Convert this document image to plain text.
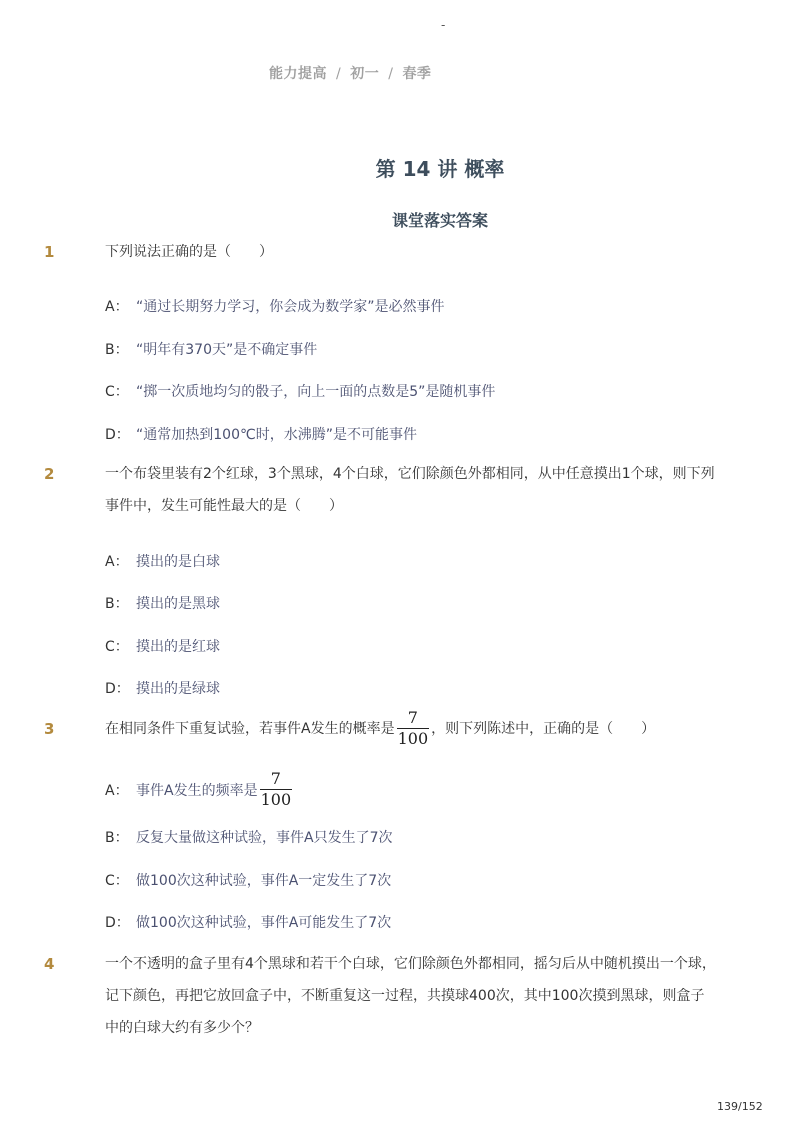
-
能力提高 / 初一 / 春季
第 14 讲 概率
课堂落实答案
1	下列说法正确的是（　　）
A： “通过长期努力学习，你会成为数学家”是必然事件
B： “明年有370天”是不确定事件
C： “掷一次质地均匀的骰子，向上一面的点数是5”是随机事件
D： “通常加热到100℃时，水沸腾”是不可能事件
2	一个布袋里装有2个红球，3个黑球，4个白球，它们除颜色外都相同，从中任意摸出1个球，则下列事件中，发生可能性最大的是（　　）
A： 摸出的是白球
B： 摸出的是黑球
C： 摸出的是红球
D： 摸出的是绿球
3	在相同条件下重复试验，若事件A发生的概率是 $\frac{7}{100}$ ，则下列陈述中，正确的是（　　）
A： 事件A发生的频率是 $\frac{7}{100}$
B： 反复大量做这种试验，事件A只发生了7次
C： 做100次这种试验，事件A一定发生了7次
D： 做100次这种试验，事件A可能发生了7次
4	一个不透明的盒子里有4个黑球和若干个白球，它们除颜色外都相同，摇匀后从中随机摸出一个球，记下颜色，再把它放回盒子中，不断重复这一过程，共摸球400次，其中100次摸到黑球，则盒子中的白球大约有多少个？
139/152
